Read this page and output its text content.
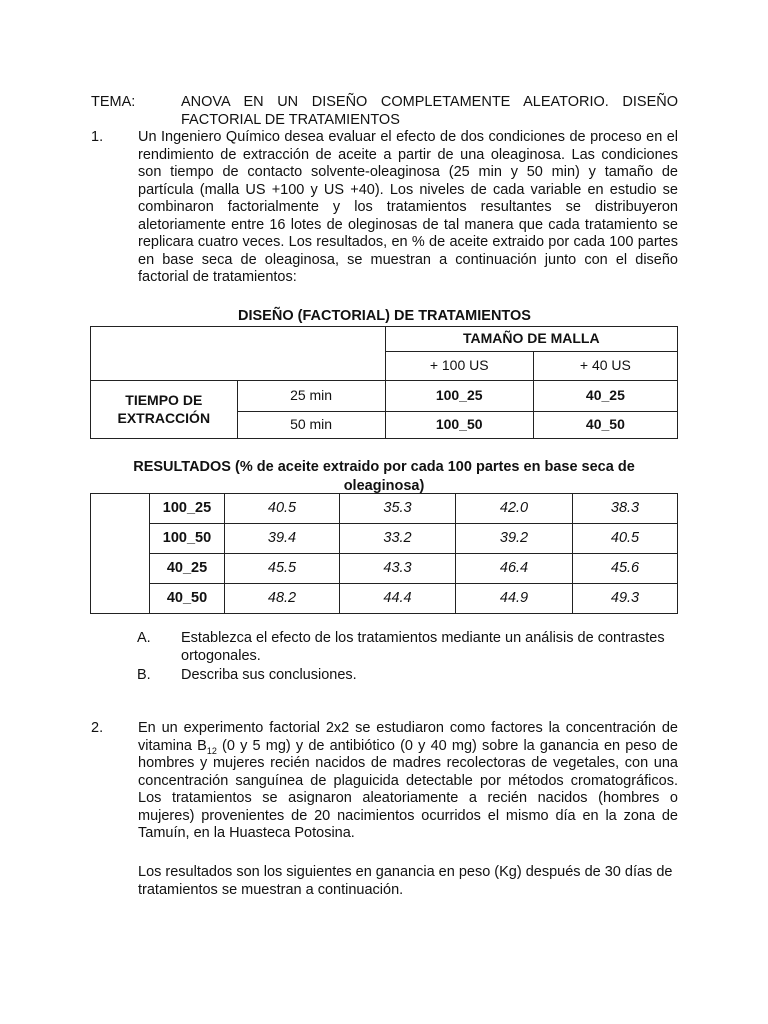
TEMA:	ANOVA EN UN DISEÑO COMPLETAMENTE ALEATORIO. DISEÑO FACTORIAL DE TRATAMIENTOS
1. Un Ingeniero Químico desea evaluar el efecto de dos condiciones de proceso en el rendimiento de extracción de aceite a partir de una oleaginosa. Las condiciones son tiempo de contacto solvente-oleaginosa (25 min y 50 min) y tamaño de partícula (malla US +100 y US +40). Los niveles de cada variable en estudio se combinaron factorialmente y los tratamientos resultantes se distribuyeron aletoriamente entre 16 lotes de oleginosas de tal manera que cada tratamiento se replicara cuatro veces. Los resultados, en % de aceite extraido por cada 100 partes en base seca de oleaginosa, se muestran a continuación junto con el diseño factorial de tratamientos:
DISEÑO (FACTORIAL) DE TRATAMIENTOS
		TAMAÑO DE MALLA	
		+ 100 US	+ 40 US
TIEMPO DE EXTRACCIÓN	25 min	100_25	40_25
	50 min	100_50	40_50
RESULTADOS (% de aceite extraido por cada 100 partes en base seca de oleaginosa)
	100_25	40.5	35.3	42.0	38.3
	100_50	39.4	33.2	39.2	40.5
	40_25	45.5	43.3	46.4	45.6
	40_50	48.2	44.4	44.9	49.3
A. Establezca el efecto de los tratamientos mediante un análisis de contrastes ortogonales.
B. Describa sus conclusiones.
2. En un experimento factorial 2x2 se estudiaron como factores la concentración de vitamina $B_{12}$ (0 y 5 mg) y de antibiótico (0 y 40 mg) sobre la ganancia en peso de hombres y mujeres recién nacidos de madres recolectoras de vegetales, con una concentración sanguínea de plaguicida detectable por métodos cromatográficos. Los tratamientos se asignaron aleatoriamente a recién nacidos (hombres o mujeres) provenientes de 20 nacimientos ocurridos el mismo día en la zona de Tamuín, en la Huasteca Potosina.
Los resultados son los siguientes en ganancia en peso (Kg) después de 30 días de tratamientos se muestran a continuación.
